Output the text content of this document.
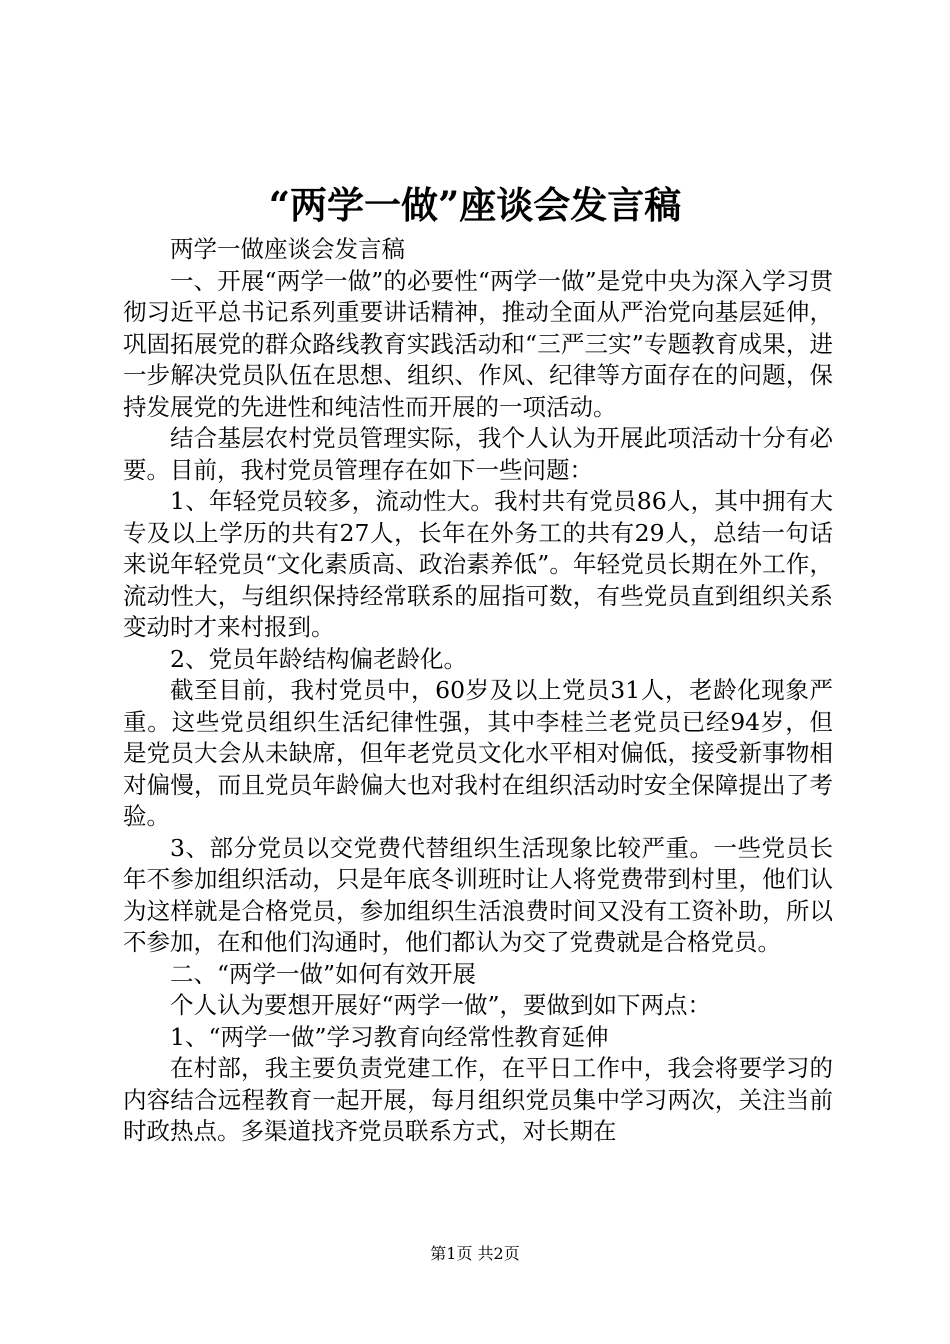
“两学一做”座谈会发言稿

两学一做座谈会发言稿

一、开展“两学一做”的必要性“两学一做”是党中央为深入学习贯彻习近平总书记系列重要讲话精神，推动全面从严治党向基层延伸，巩固拓展党的群众路线教育实践活动和“三严三实”专题教育成果，进一步解决党员队伍在思想、组织、作风、纪律等方面存在的问题，保持发展党的先进性和纯洁性而开展的一项活动。

结合基层农村党员管理实际，我个人认为开展此项活动十分有必要。目前，我村党员管理存在如下一些问题：

1、年轻党员较多，流动性大。我村共有党员86人，其中拥有大专及以上学历的共有27人，长年在外务工的共有29人，总结一句话来说年轻党员“文化素质高、政治素养低”。年轻党员长期在外工作，流动性大，与组织保持经常联系的屈指可数，有些党员直到组织关系变动时才来村报到。

2、党员年龄结构偏老龄化。

截至目前，我村党员中，60岁及以上党员31人，老龄化现象严重。这些党员组织生活纪律性强，其中李桂兰老党员已经94岁，但是党员大会从未缺席，但年老党员文化水平相对偏低，接受新事物相对偏慢，而且党员年龄偏大也对我村在组织活动时安全保障提出了考验。

3、部分党员以交党费代替组织生活现象比较严重。一些党员长年不参加组织活动，只是年底冬训班时让人将党费带到村里，他们认为这样就是合格党员，参加组织生活浪费时间又没有工资补助，所以不参加，在和他们沟通时，他们都认为交了党费就是合格党员。

二、“两学一做”如何有效开展

个人认为要想开展好“两学一做”，要做到如下两点：

1、“两学一做”学习教育向经常性教育延伸

在村部，我主要负责党建工作，在平日工作中，我会将要学习的内容结合远程教育一起开展，每月组织党员集中学习两次，关注当前时政热点。多渠道找齐党员联系方式，对长期在

第1页 共2页
